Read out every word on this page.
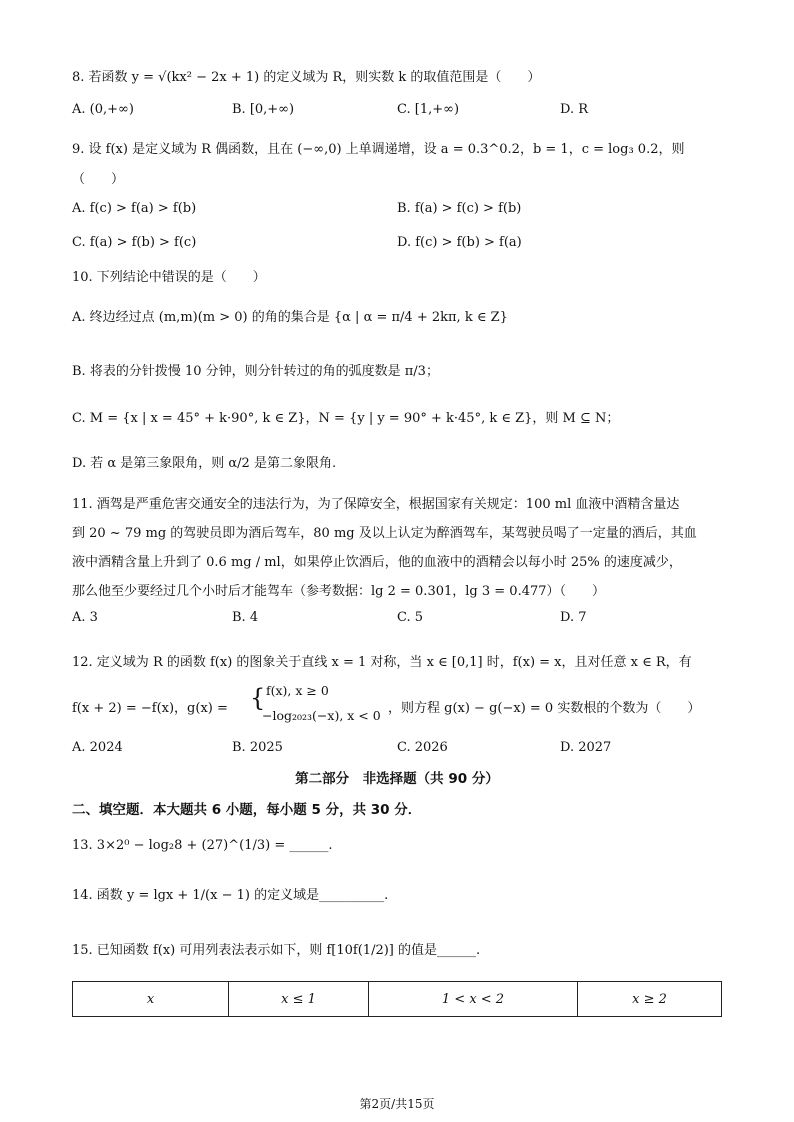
8. 若函数 y = √(kx² − 2x + 1) 的定义域为 R，则实数 k 的取值范围是（　　）
A. (0,+∞)	B. [0,+∞)	C. [1,+∞)	D. R
9. 设 f(x) 是定义域为 R 偶函数，且在 (−∞,0) 上单调递增，设 a = 0.3^0.2，b = 1，c = log₃ 0.2，则
（　　）
A. f(c) > f(a) > f(b)	B. f(a) > f(c) > f(b)
C. f(a) > f(b) > f(c)	D. f(c) > f(b) > f(a)
10. 下列结论中错误的是（　　）
A. 终边经过点 (m,m)(m > 0) 的角的集合是 {α | α = π/4 + 2kπ, k ∈ Z}
B. 将表的分针拨慢 10 分钟，则分针转过的角的弧度数是 π/3；
C. M = {x | x = 45° + k·90°, k ∈ Z}，N = {y | y = 90° + k·45°, k ∈ Z}，则 M ⊆ N；
D. 若 α 是第三象限角，则 α/2 是第二象限角.
11. 酒驾是严重危害交通安全的违法行为，为了保障安全，根据国家有关规定：100 ml 血液中酒精含量达
到 20 ~ 79 mg 的驾驶员即为酒后驾车，80 mg 及以上认定为醉酒驾车，某驾驶员喝了一定量的酒后，其血
液中酒精含量上升到了 0.6 mg / ml，如果停止饮酒后，他的血液中的酒精会以每小时 25% 的速度减少，
那么他至少要经过几个小时后才能驾车（参考数据：lg 2 = 0.301，lg 3 = 0.477）（　　）
A. 3	B. 4	C. 5	D. 7
12. 定义域为 R 的函数 f(x) 的图象关于直线 x = 1 对称，当 x ∈ [0,1] 时，f(x) = x，且对任意 x ∈ R，有
f(x + 2) = −f(x)，g(x) = { f(x), x ≥ 0
−log₂₀₂₃(−x), x < 0 ，则方程 g(x) − g(−x) = 0 实数根的个数为（　　）
A. 2024	B. 2025	C. 2026	D. 2027
第二部分　非选择题（共 90 分）
二、填空题．本大题共 6 小题，每小题 5 分，共 30 分．
13. 3×2⁰ − log₂8 + (27)^(1/3) = ______.
14. 函数 y = lgx + 1/(x − 1) 的定义域是__________.
15. 已知函数 f(x) 可用列表法表示如下，则 f[10f(1/2)] 的值是______.
x	x ≤ 1	1 < x < 2	x ≥ 2
第2页/共15页
